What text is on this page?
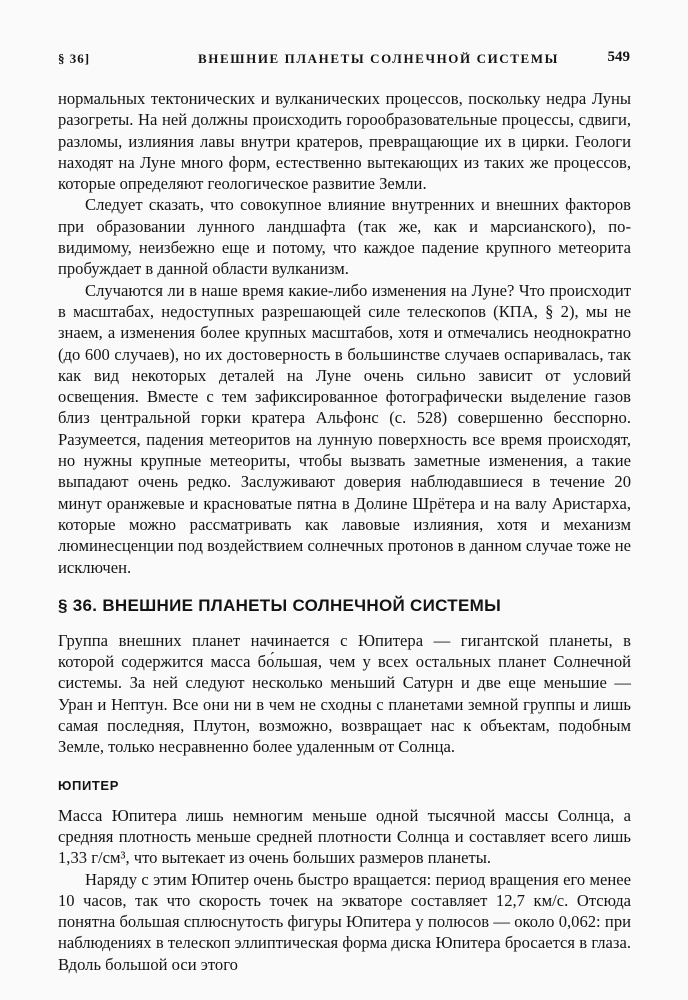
§ 36]	ВНЕШНИЕ ПЛАНЕТЫ СОЛНЕЧНОЙ СИСТЕМЫ	549

нормальных тектонических и вулканических процессов, поскольку недра Луны разогреты. На ней должны происходить горообразовательные процессы, сдвиги, разломы, излияния лавы внутри кратеров, превращающие их в цирки. Геологи находят на Луне много форм, естественно вытекающих из таких же процессов, которые определяют геологическое развитие Земли.

Следует сказать, что совокупное влияние внутренних и внешних факторов при образовании лунного ландшафта (так же, как и марсианского), по-видимому, неизбежно еще и потому, что каждое падение крупного метеорита пробуждает в данной области вулканизм.

Случаются ли в наше время какие-либо изменения на Луне? Что происходит в масштабах, недоступных разрешающей силе телескопов (КПА, § 2), мы не знаем, а изменения более крупных масштабов, хотя и отмечались неоднократно (до 600 случаев), но их достоверность в большинстве случаев оспаривалась, так как вид некоторых деталей на Луне очень сильно зависит от условий освещения. Вместе с тем зафиксированное фотографически выделение газов близ центральной горки кратера Альфонс (с. 528) совершенно бесспорно. Разумеется, падения метеоритов на лунную поверхность все время происходят, но нужны крупные метеориты, чтобы вызвать заметные изменения, а такие выпадают очень редко. Заслуживают доверия наблюдавшиеся в течение 20 минут оранжевые и красноватые пятна в Долине Шрётера и на валу Аристарха, которые можно рассматривать как лавовые излияния, хотя и механизм люминесценции под воздействием солнечных протонов в данном случае тоже не исключен.

§ 36. ВНЕШНИЕ ПЛАНЕТЫ СОЛНЕЧНОЙ СИСТЕМЫ

Группа внешних планет начинается с Юпитера — гигантской планеты, в которой содержится масса бо́льшая, чем у всех остальных планет Солнечной системы. За ней следуют несколько меньший Сатурн и две еще меньшие — Уран и Нептун. Все они ни в чем не сходны с планетами земной группы и лишь самая последняя, Плутон, возможно, возвращает нас к объектам, подобным Земле, только несравненно более удаленным от Солнца.

ЮПИТЕР

Масса Юпитера лишь немногим меньше одной тысячной массы Солнца, а средняя плотность меньше средней плотности Солнца и составляет всего лишь 1,33 г/см³, что вытекает из очень больших размеров планеты.

Наряду с этим Юпитер очень быстро вращается: период вращения его менее 10 часов, так что скорость точек на экваторе составляет 12,7 км/с. Отсюда понятна большая сплюснутость фигуры Юпитера у полюсов — около 0,062: при наблюдениях в телескоп эллиптическая форма диска Юпитера бросается в глаза. Вдоль большой оси этого
